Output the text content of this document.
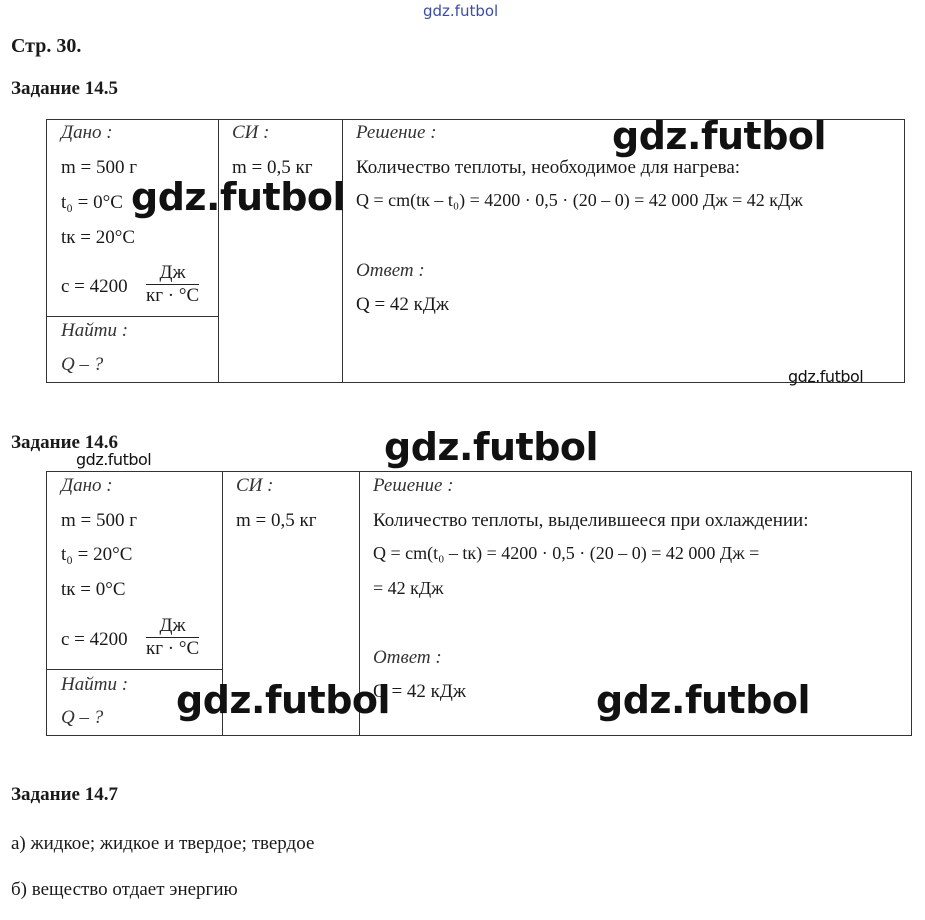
gdz.futbol
Стр. 30.
Задание 14.5
Дано :
m = 500 г
t₀ = 0°C
tк = 20°C
c = 4200
Дж
кг · °C
Найти :
Q – ?
СИ :
m = 0,5 кг
Решение :
Количество теплоты, необходимое для нагрева:
Q = cm(tк – t₀) = 4200 · 0,5 · (20 – 0) = 42 000 Дж = 42 кДж
Ответ :
Q = 42 кДж
Задание 14.6
Дано :
m = 500 г
t₀ = 20°C
tк = 0°C
c = 4200
Дж
кг · °C
Найти :
Q – ?
СИ :
m = 0,5 кг
Решение :
Количество теплоты, выделившееся при охлаждении:
Q = cm(t₀ – tк) = 4200 · 0,5 · (20 – 0) = 42 000 Дж =
= 42 кДж
Ответ :
Q = 42 кДж
Задание 14.7
а) жидкое; жидкое и твердое; твердое
б) вещество отдает энергию
gdz.futbol
gdz.futbol
gdz.futbol
gdz.futbol
gdz.futbol
gdz.futbol	gdz.futbol
